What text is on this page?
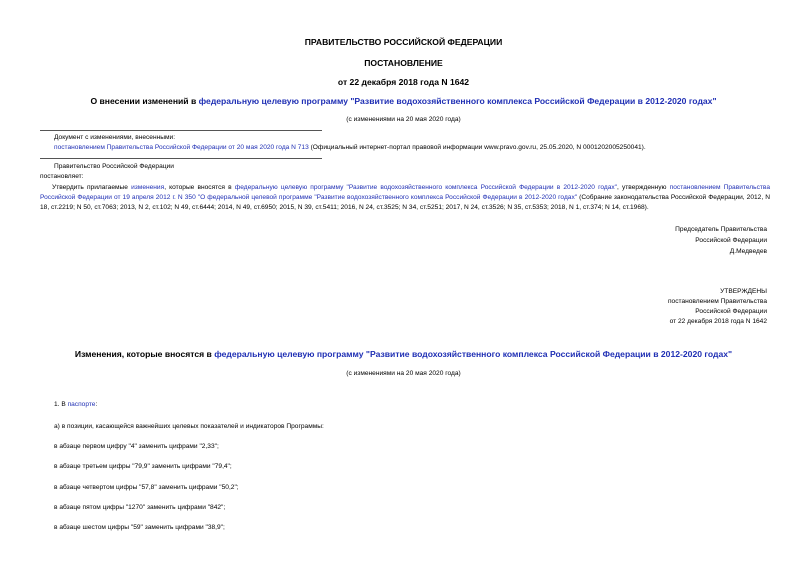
ПРАВИТЕЛЬСТВО РОССИЙСКОЙ ФЕДЕРАЦИИ
ПОСТАНОВЛЕНИЕ
от 22 декабря 2018 года N 1642
О внесении изменений в федеральную целевую программу "Развитие водохозяйственного комплекса Российской Федерации в 2012-2020 годах"
(с изменениями на 20 мая 2020 года)
Документ с изменениями, внесенными:
постановлением Правительства Российской Федерации от 20 мая 2020 года N 713 (Официальный интернет-портал правовой информации www.pravo.gov.ru, 25.05.2020, N 0001202005250041).
Правительство Российской Федерации
постановляет:
Утвердить прилагаемые изменения, которые вносятся в федеральную целевую программу "Развитие водохозяйственного комплекса Российской Федерации в 2012-2020 годах", утвержденную постановлением Правительства Российской Федерации от 19 апреля 2012 г. N 350 "О федеральной целевой программе "Развитие водохозяйственного комплекса Российской Федерации в 2012-2020 годах" (Собрание законодательства Российской Федерации, 2012, N 18, ст.2219; N 50, ст.7063; 2013, N 2, ст.102; N 49, ст.6444; 2014, N 49, ст.6950; 2015, N 39, ст.5411; 2016, N 24, ст.3525; N 34, ст.5251; 2017, N 24, ст.3526; N 35, ст.5353; 2018, N 1, ст.374; N 14, ст.1968).
Председатель Правительства
Российской Федерации
Д.Медведев
УТВЕРЖДЕНЫ
постановлением Правительства
Российской Федерации
от 22 декабря 2018 года N 1642
Изменения, которые вносятся в федеральную целевую программу "Развитие водохозяйственного комплекса Российской Федерации в 2012-2020 годах"
(с изменениями на 20 мая 2020 года)
1. В паспорте:
а) в позиции, касающейся важнейших целевых показателей и индикаторов Программы:
в абзаце первом цифру "4" заменить цифрами "2,33";
в абзаце третьем цифры "79,9" заменить цифрами "79,4";
в абзаце четвертом цифры "57,8" заменить цифрами "50,2";
в абзаце пятом цифры "1270" заменить цифрами "842";
в абзаце шестом цифры "59" заменить цифрами "38,9";
